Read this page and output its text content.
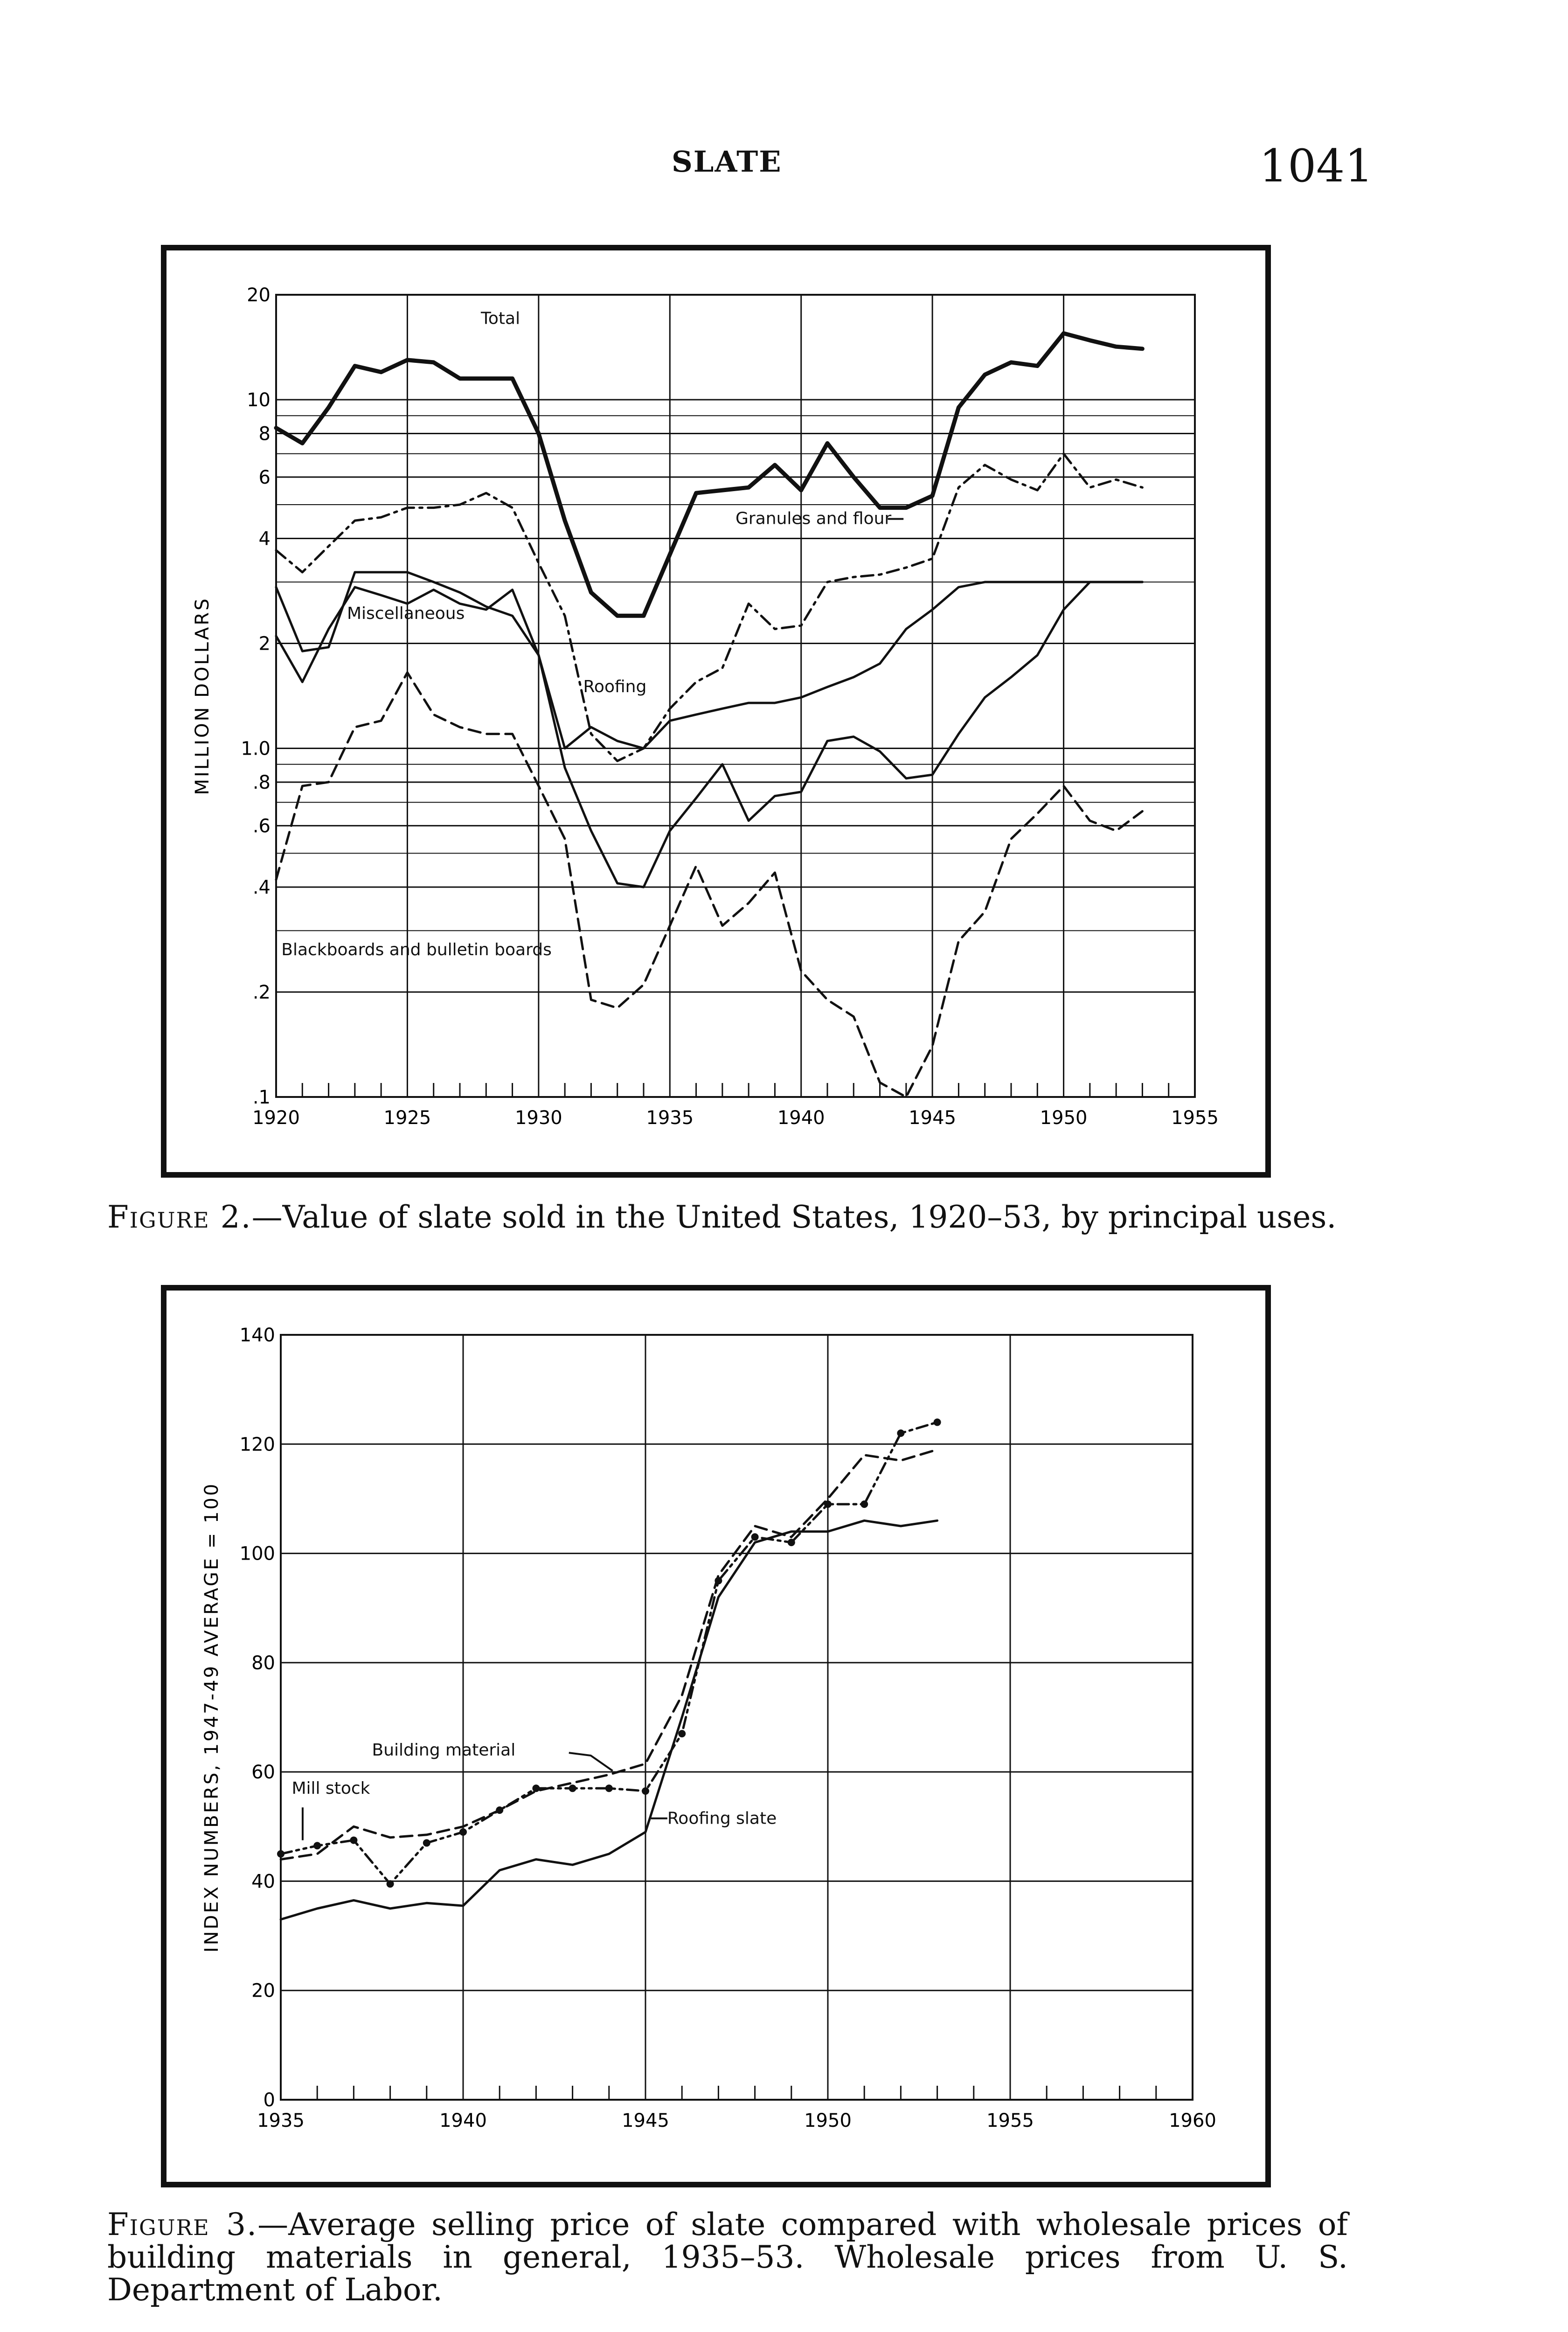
SLATE	1041
.1
.2
.4
.6
.8
1.0
2
4
6
8
10
20
1920	1925	1930	1935	1940	1945	1950	1955
MILLION DOLLARS
Total
Granules and flour
Miscellaneous
Roofing
Blackboards and bulletin boards
Figure 2.—Value of slate sold in the United States, 1920–53, by principal uses.
0
20
40
60
80
100
120
140
1935	1940	1945	1950	1955	1960
INDEX NUMBERS, 1947-49 AVERAGE = 100	Building material
Mill stock
Roofing slate
Figure 3.—Average selling price of slate compared with wholesale prices of building materials in general, 1935–53. Wholesale prices from U. S. Department of Labor.
